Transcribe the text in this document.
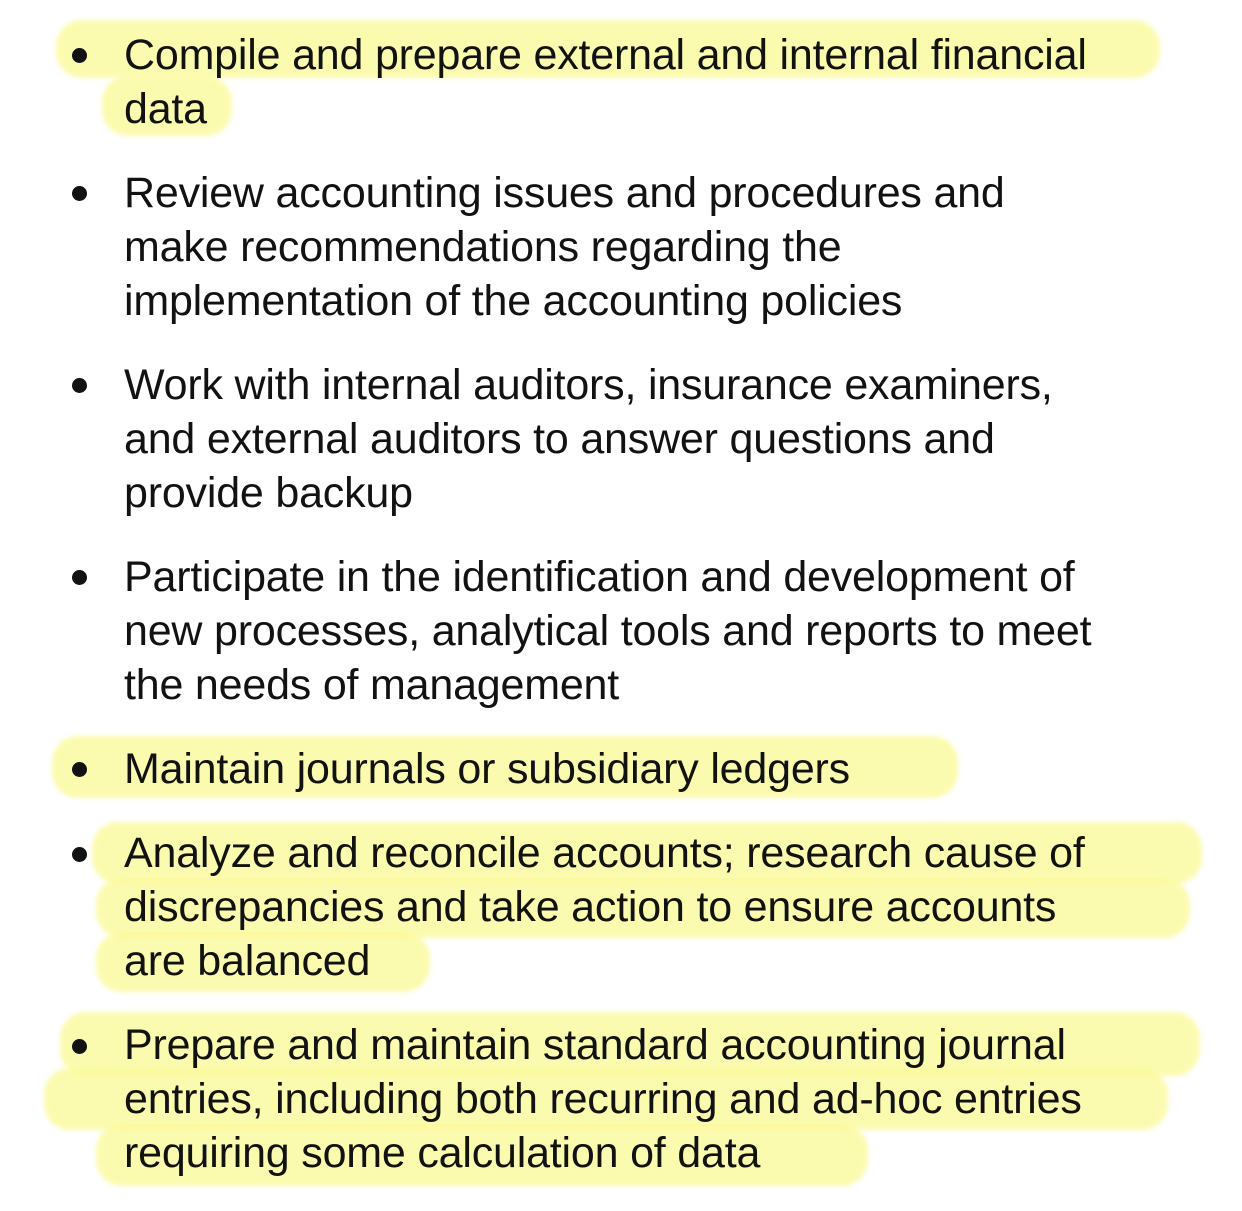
Compile and prepare external and internal financial
data
Review accounting issues and procedures and
make recommendations regarding the
implementation of the accounting policies
Work with internal auditors, insurance examiners,
and external auditors to answer questions and
provide backup
Participate in the identification and development of
new processes, analytical tools and reports to meet
the needs of management
Maintain journals or subsidiary ledgers
Analyze and reconcile accounts; research cause of
discrepancies and take action to ensure accounts
are balanced
Prepare and maintain standard accounting journal
entries, including both recurring and ad-hoc entries
requiring some calculation of data
